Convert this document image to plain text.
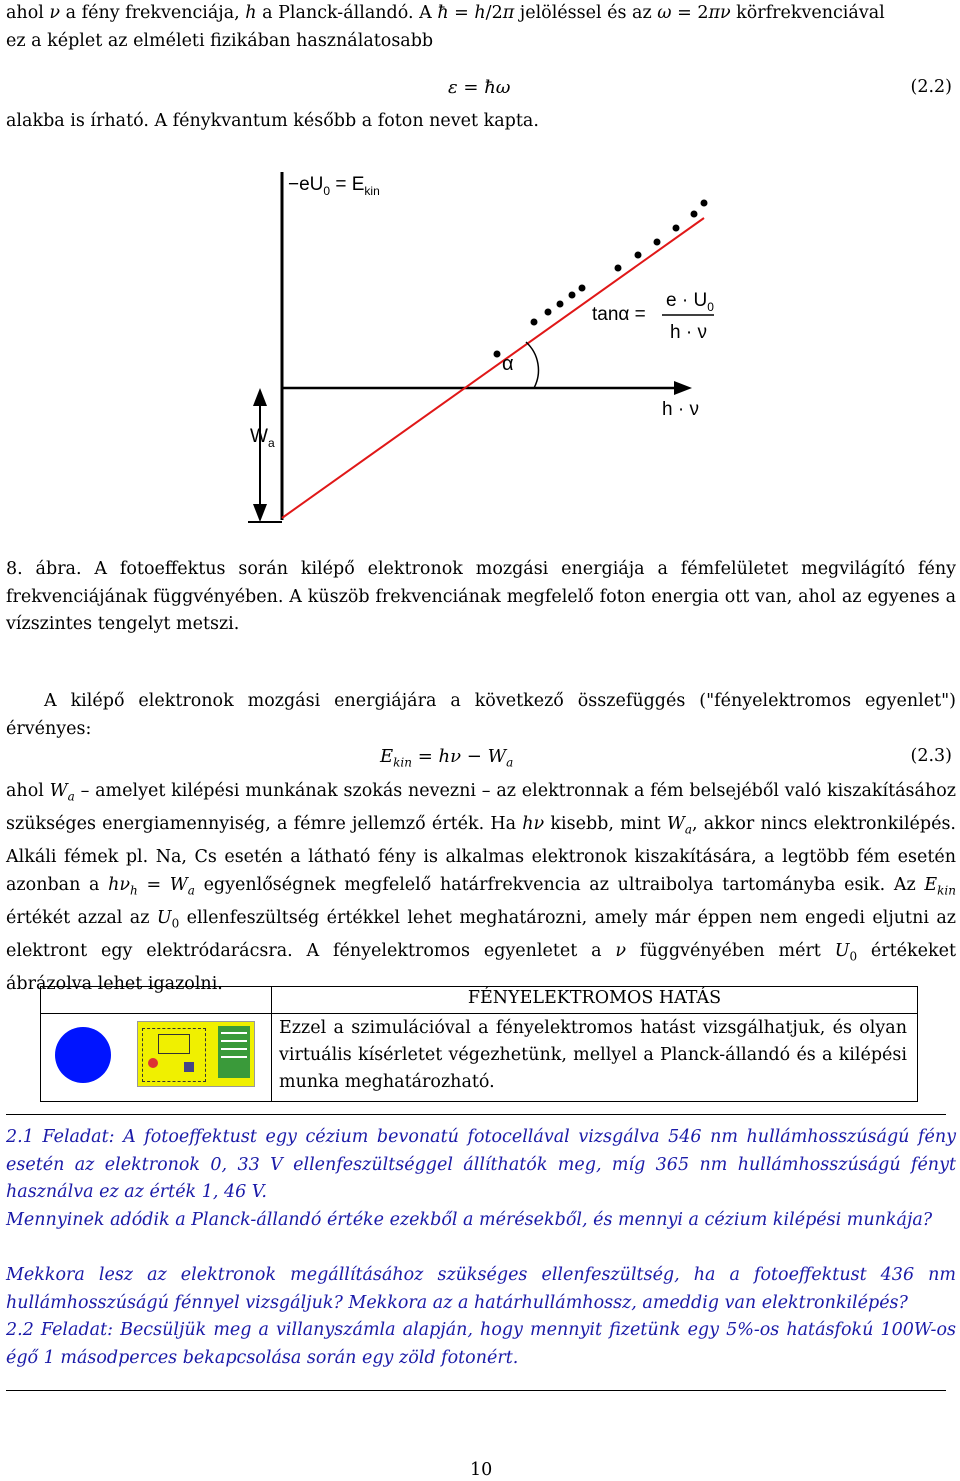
ahol ν a fény frekvenciája, h a Planck-állandó. A ħ = h/2π jelöléssel és az ω = 2πν körfrekvenciával
ez a képlet az elméleti fizikában használatosabb
ε = ħω	(2.2)
alakba is írható. A fénykvantum később a foton nevet kapta.
$-eU_0 = E_{kin}$
h · ν
$W_a$
α
tanα =
$e \cdot U_0$
h · ν
8. ábra. A fotoeffektus során kilépő elektronok mozgási energiája a fémfelületet megvilágító fény frekvenciájának függvényében. A küszöb frekvenciának megfelelő foton energia ott van, ahol az egyenes a vízszintes tengelyt metszi.
A kilépő elektronok mozgási energiájára a következő összefüggés ("fényelektromos egyenlet") érvényes:
$E_{kin} = h\nu - W_a$	(2.3)
ahol $W_a$ – amelyet kilépési munkának szokás nevezni – az elektronnak a fém belsejéből való kiszakításához szükséges energiamennyiség, a fémre jellemző érték. Ha hν kisebb, mint $W_a$, akkor nincs elektronkilépés. Alkáli fémek pl. Na, Cs esetén a látható fény is alkalmas elektronok kiszakítására, a legtöbb fém esetén azonban a $h\nu_h = W_a$ egyenlőségnek megfelelő határfrekvencia az ultraibolya tartományba esik. Az $E_{kin}$ értékét azzal az $U_0$ ellenfeszültség értékkel lehet meghatározni, amely már éppen nem engedi eljutni az elektront egy elektródarácsra. A fényelektromos egyenletet a ν függvényében mért $U_0$ értékeket ábrázolva lehet igazolni.
FÉNYELEKTROMOS HATÁS
Ezzel a szimulációval a fényelektromos hatást vizsgálhatjuk, és olyan virtuális kísérletet végezhetünk, mellyel a Planck-állandó és a kilépési munka meghatározható.
2.1 Feladat: A fotoeffektust egy cézium bevonatú fotocellával vizsgálva 546 nm hullámhosszúságú fény esetén az elektronok 0, 33 V ellenfeszültséggel állíthatók meg, míg 365 nm hullámhosszúságú fényt használva ez az érték 1, 46 V.
Mennyinek adódik a Planck-állandó értéke ezekből a mérésekből, és mennyi a cézium kilépési munkája?
Mekkora lesz az elektronok megállításához szükséges ellenfeszültség, ha a fotoeffektust 436 nm hullámhosszúságú fénnyel vizsgáljuk? Mekkora az a határhullámhossz, ameddig van elektronkilépés?
2.2 Feladat: Becsüljük meg a villanyszámla alapján, hogy mennyit fizetünk egy 5%-os hatásfokú 100W-os égő 1 másodperces bekapcsolása során egy zöld fotonért.
10
